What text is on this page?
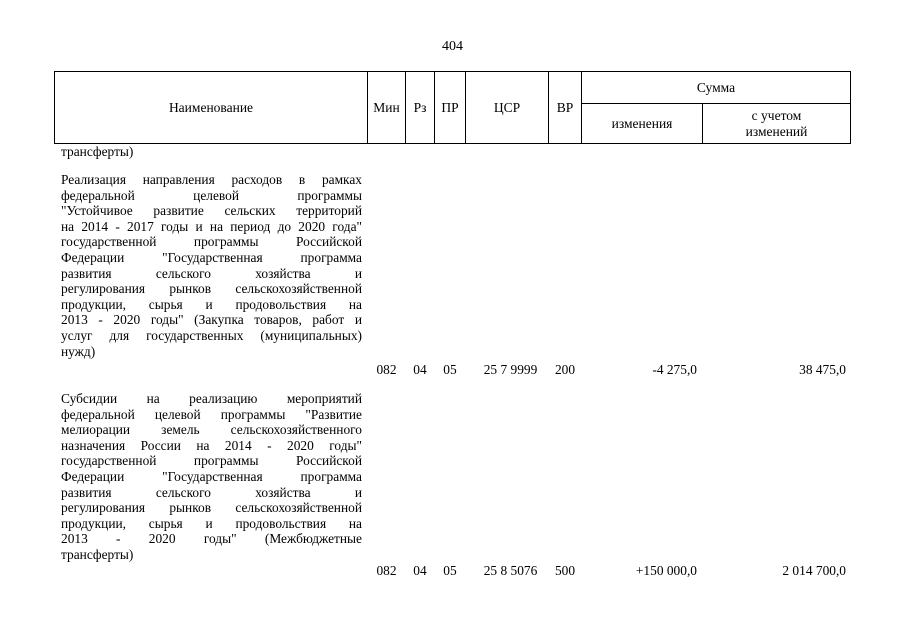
404
Наименование	Мин	Рз	ПР	ЦСР	ВР
Сумма
изменения
с учетом
изменений
трансферты)
Реализация направления расходов в рамках
федеральной целевой программы
"Устойчивое развитие сельских территорий
на 2014 - 2017 годы и на период до 2020 года"
государственной программы Российской
Федерации "Государственная программа
развития сельского хозяйства и
регулирования рынков сельскохозяйственной
продукции, сырья и продовольствия на
2013 - 2020 годы" (Закупка товаров, работ и
услуг для государственных (муниципальных)
нужд)
082	04	05	25 7 9999	200	-4 275,0	38 475,0
Субсидии на реализацию мероприятий
федеральной целевой программы "Развитие
мелиорации земель сельскохозяйственного
назначения России на 2014 - 2020 годы"
государственной программы Российской
Федерации "Государственная программа
развития сельского хозяйства и
регулирования рынков сельскохозяйственной
продукции, сырья и продовольствия на
2013 - 2020 годы" (Межбюджетные
трансферты)
082	04	05	25 8 5076	500	+150 000,0	2 014 700,0
